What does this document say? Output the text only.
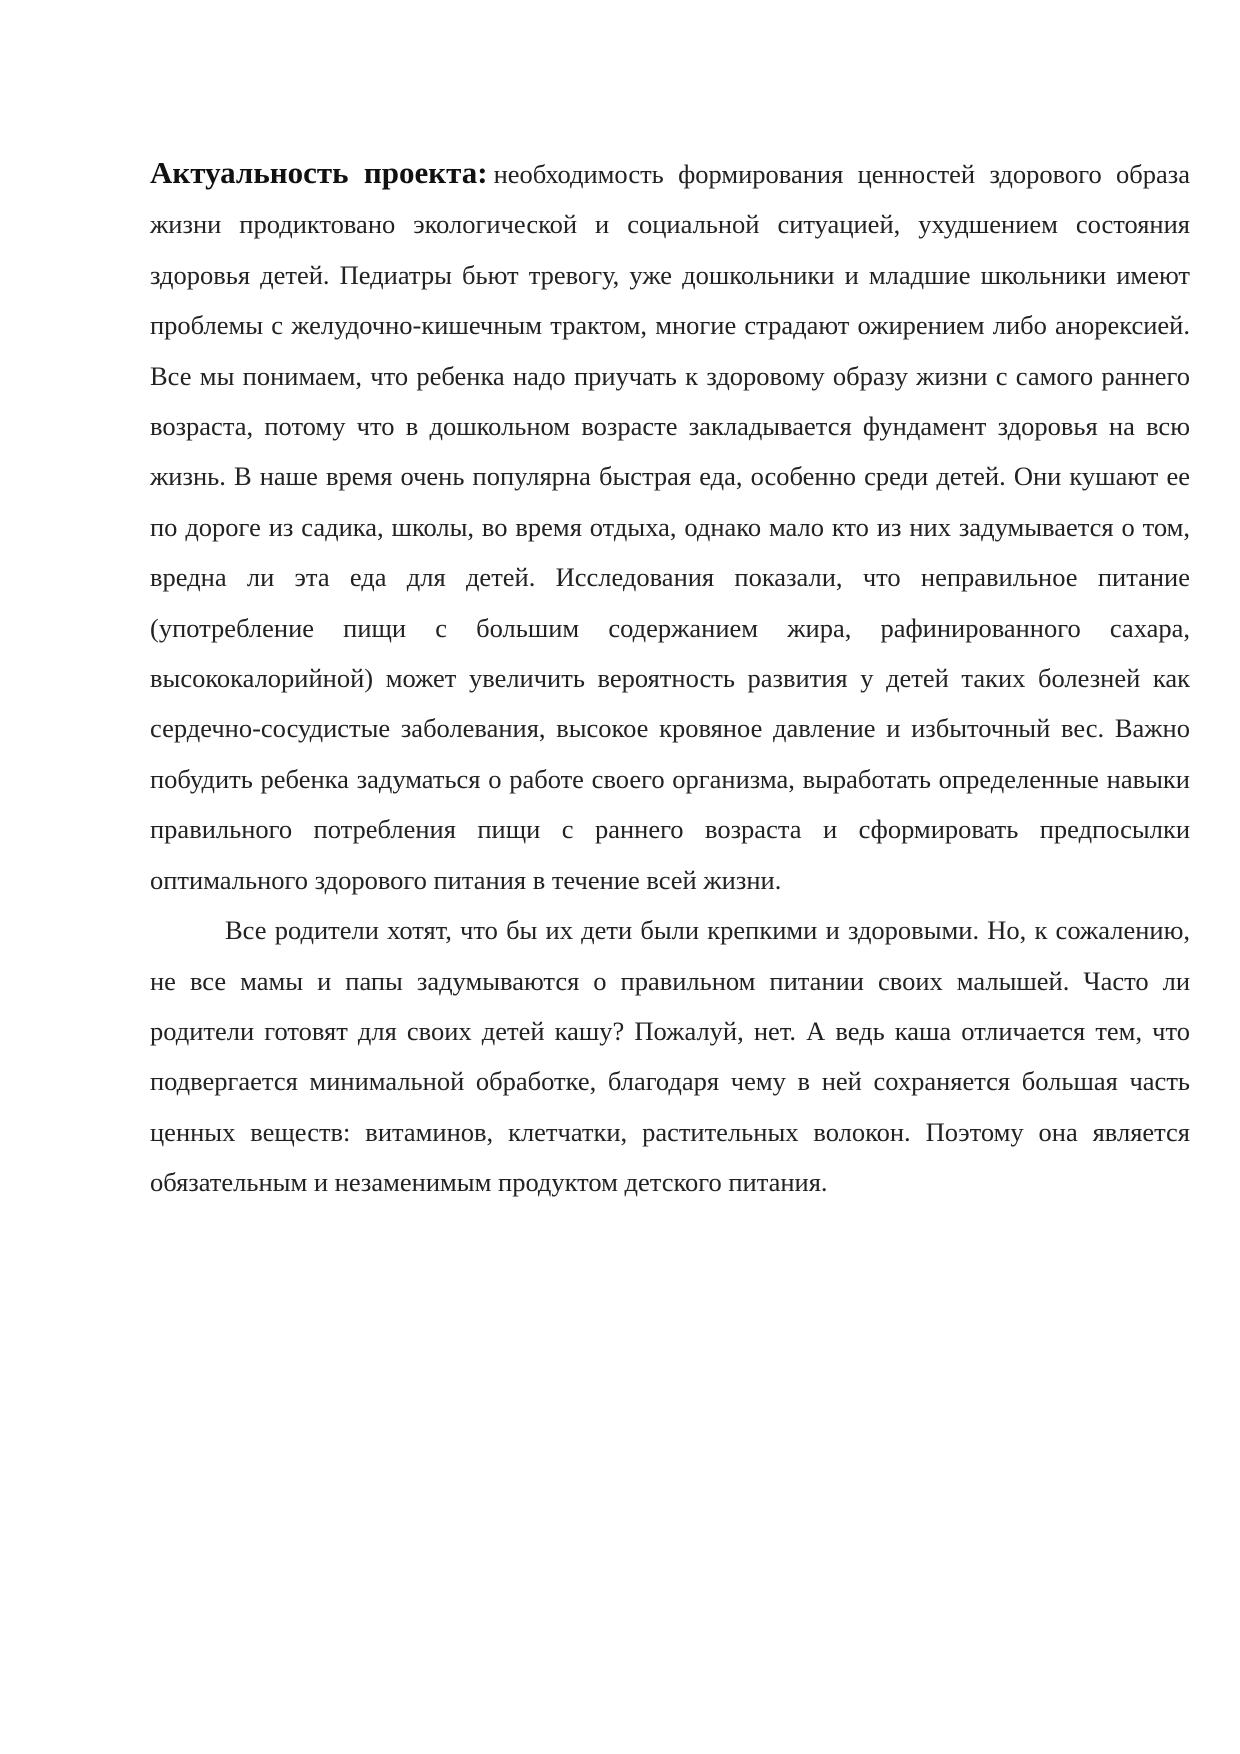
Актуальность проекта: необходимость формирования ценностей здорового образа жизни продиктовано экологической и социальной ситуацией, ухудшением состояния здоровья детей. Педиатры бьют тревогу, уже дошкольники и младшие школьники имеют проблемы с желудочно-кишечным трактом, многие страдают ожирением либо анорексией. Все мы понимаем, что ребенка надо приучать к здоровому образу жизни с самого раннего возраста, потому что в дошкольном возрасте закладывается фундамент здоровья на всю жизнь. В наше время очень популярна быстрая еда, особенно среди детей. Они кушают ее по дороге из садика, школы, во время отдыха, однако мало кто из них задумывается о том, вредна ли эта еда для детей. Исследования показали, что неправильное питание (употребление пищи с большим содержанием жира, рафинированного сахара, высококалорийной) может увеличить вероятность развития у детей таких болезней как сердечно-сосудистые заболевания, высокое кровяное давление и избыточный вес. Важно побудить ребенка задуматься о работе своего организма, выработать определенные навыки правильного потребления пищи с раннего возраста и сформировать предпосылки оптимального здорового питания в течение всей жизни.

Все родители хотят, что бы их дети были крепкими и здоровыми. Но, к сожалению, не все мамы и папы задумываются о правильном питании своих малышей. Часто ли родители готовят для своих детей кашу? Пожалуй, нет. А ведь каша отличается тем, что подвергается минимальной обработке, благодаря чему в ней сохраняется большая часть ценных веществ: витаминов, клетчатки, растительных волокон. Поэтому она является обязательным и незаменимым продуктом детского питания.
